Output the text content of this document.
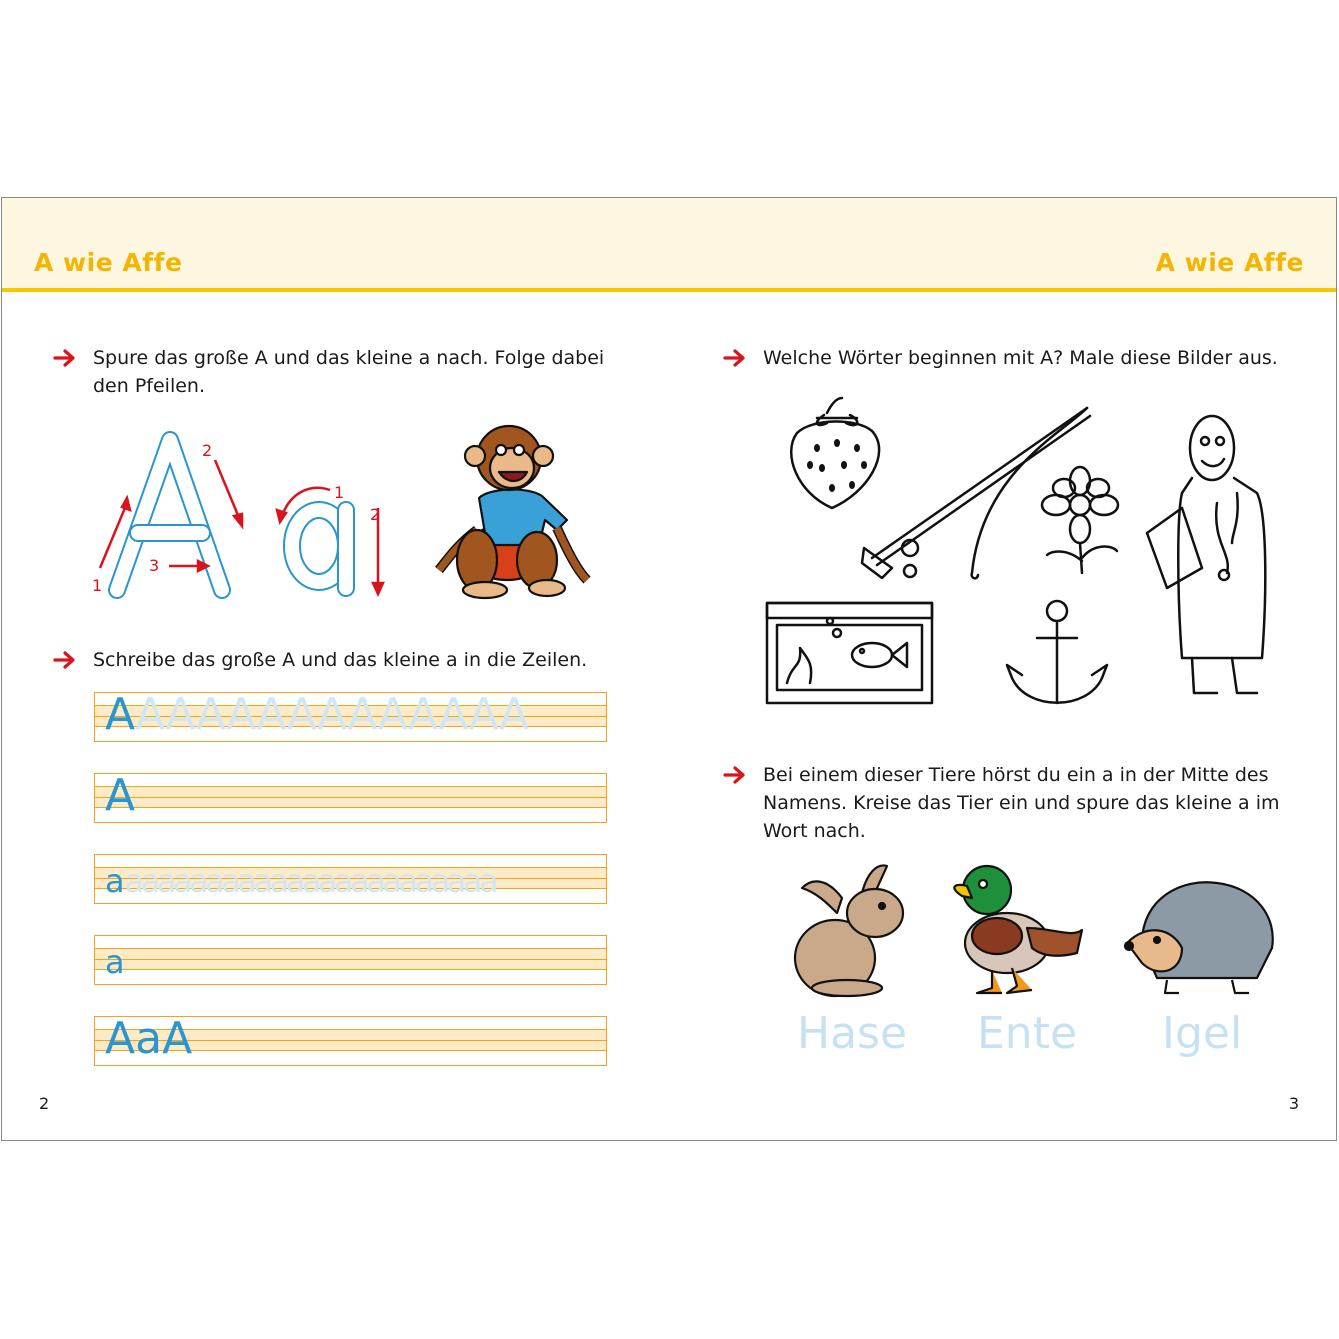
A wie Affe	A wie Affe
Spure das große A und das kleine a nach. Folge dabei
den Pfeilen.
1
2
3
1
2
Schreibe das große A und das kleine a in die Zeilen.
AAAAAAAAAAAAAA
A
aaaaaaaaaaaaaaaaaaaaaaaa
a
AaA
2
Welche Wörter beginnen mit A? Male diese Bilder aus.
Bei einem dieser Tiere hörst du ein a in der Mitte des
Namens. Kreise das Tier ein und spure das kleine a im
Wort nach.
Hase Ente Igel
3
